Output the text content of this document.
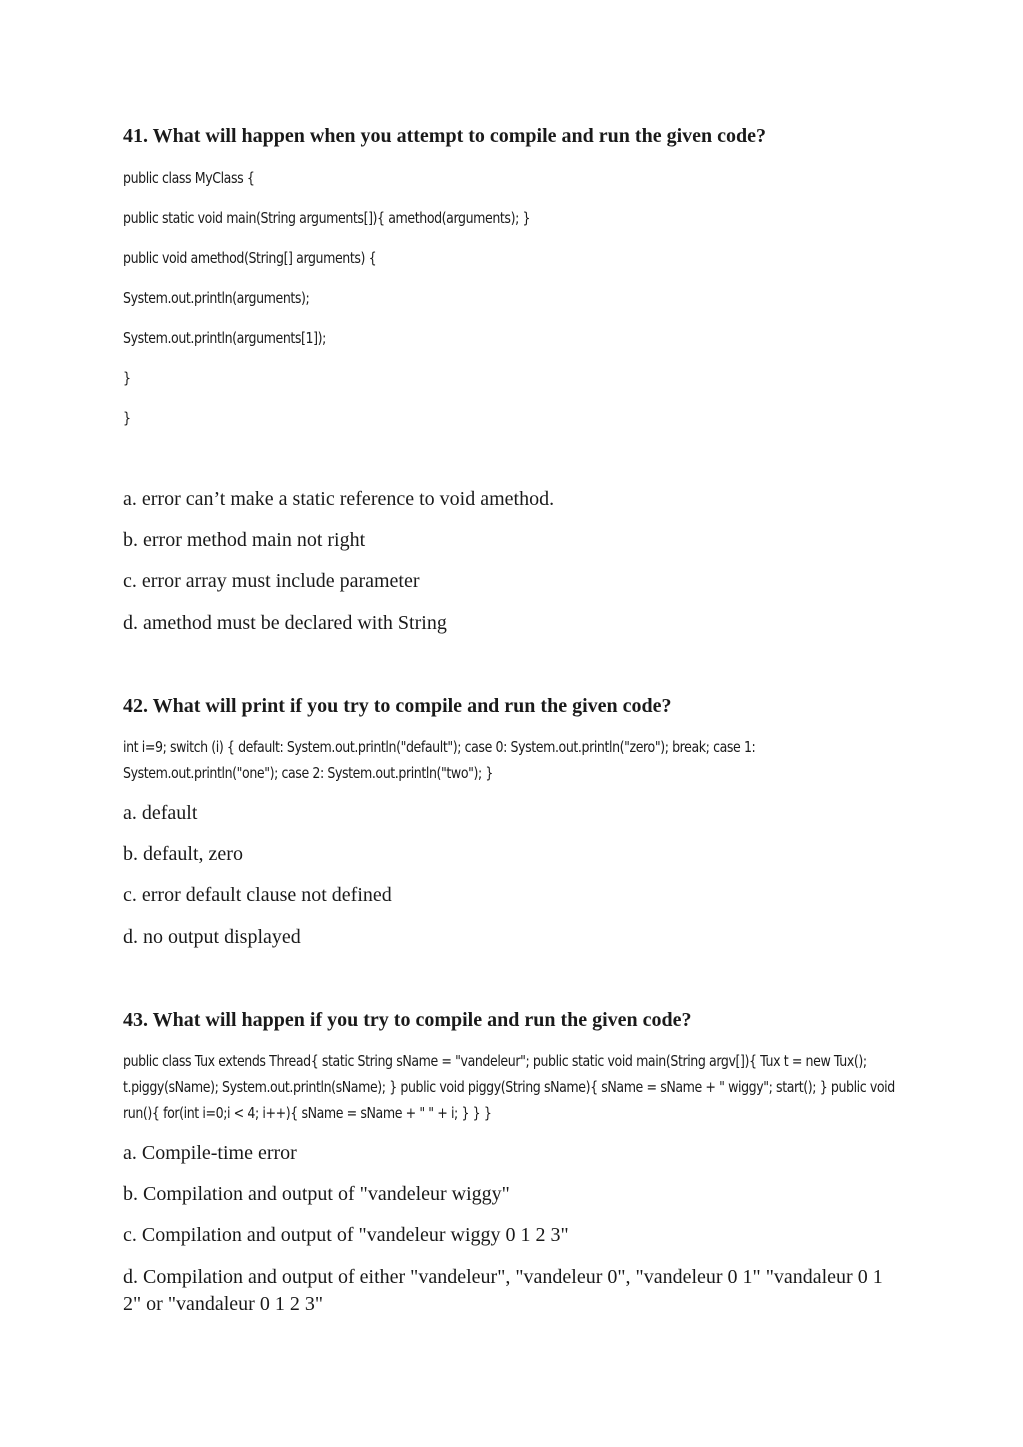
41. What will happen when you attempt to compile and run the given code?
public class MyClass {
public static void main(String arguments[]){ amethod(arguments); }
public void amethod(String[] arguments) {
System.out.println(arguments);
System.out.println(arguments[1]);
}
}
a. error can’t make a static reference to void amethod.
b. error method main not right
c. error array must include parameter
d. amethod must be declared with String
42. What will print if you try to compile and run the given code?
int i=9; switch (i) { default: System.out.println("default"); case 0: System.out.println("zero"); break; case 1: System.out.println("one"); case 2: System.out.println("two"); }
a. default
b. default, zero
c. error default clause not defined
d. no output displayed
43. What will happen if you try to compile and run the given code?
public class Tux extends Thread{ static String sName = "vandeleur"; public static void main(String argv[]){ Tux t = new Tux(); t.piggy(sName); System.out.println(sName); } public void piggy(String sName){ sName = sName + " wiggy"; start(); } public void run(){ for(int i=0;i < 4; i++){ sName = sName + " " + i; } } }
a. Compile-time error
b. Compilation and output of "vandeleur wiggy"
c. Compilation and output of "vandeleur wiggy 0 1 2 3"
d. Compilation and output of either "vandeleur", "vandeleur 0", "vandeleur 0 1" "vandaleur 0 1 2" or "vandaleur 0 1 2 3"
